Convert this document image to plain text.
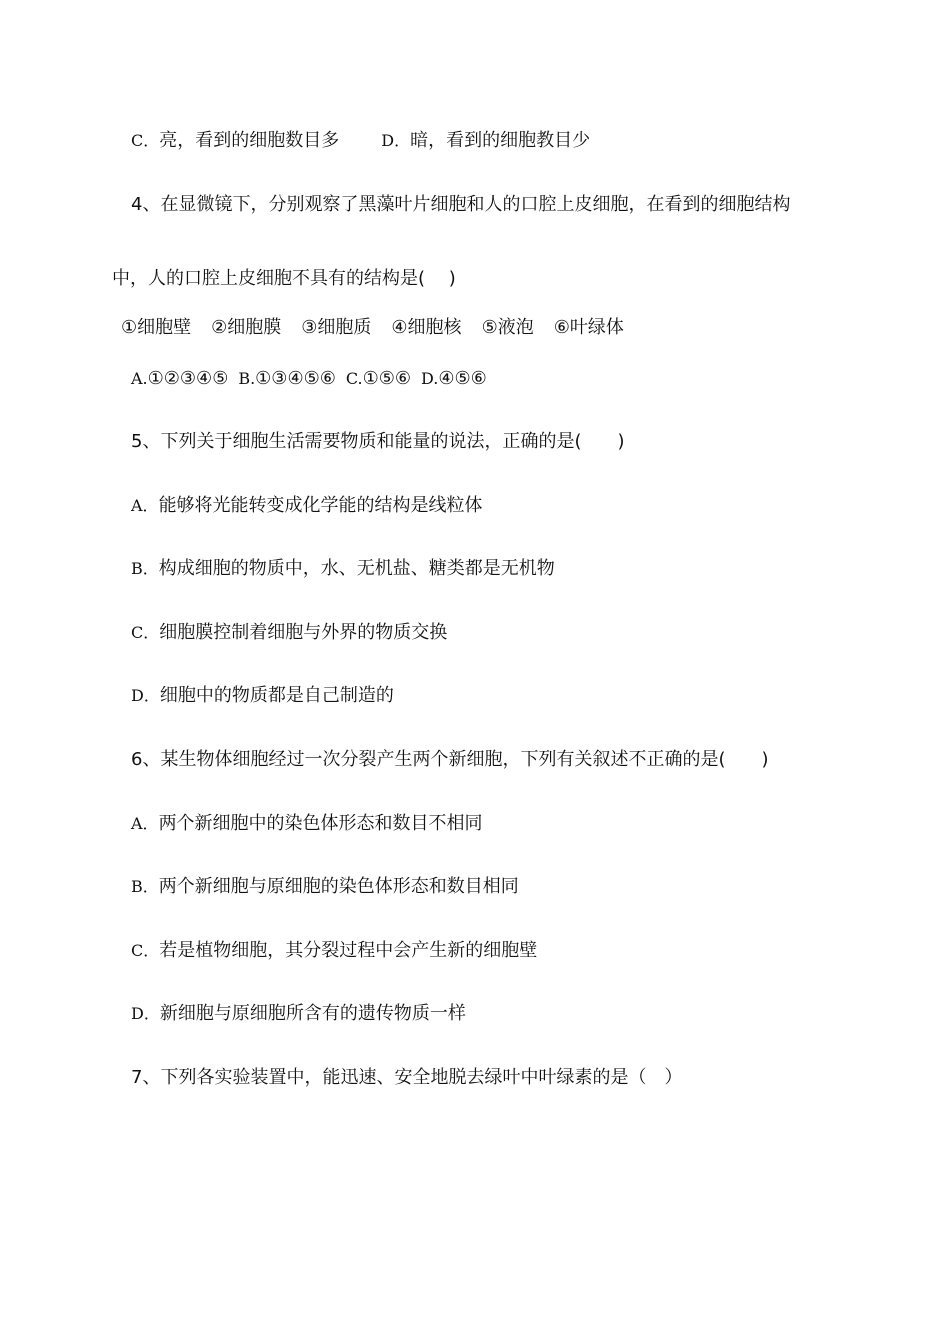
C．亮，看到的细胞数目多	D．暗，看到的细胞教目少
4、在显微镜下，分别观察了黑藻叶片细胞和人的口腔上皮细胞，在看到的细胞结构
中，人的口腔上皮细胞不具有的结构是(　 )
①细胞壁 ②细胞膜 ③细胞质 ④细胞核 ⑤液泡 ⑥叶绿体
A.①②③④⑤ B.①③④⑤⑥ C.①⑤⑥ D.④⑤⑥
5、下列关于细胞生活需要物质和能量的说法，正确的是(　　)
A．能够将光能转变成化学能的结构是线粒体
B．构成细胞的物质中，水、无机盐、糖类都是无机物
C．细胞膜控制着细胞与外界的物质交换
D．细胞中的物质都是自己制造的
6、某生物体细胞经过一次分裂产生两个新细胞，下列有关叙述不正确的是(　　)
A．两个新细胞中的染色体形态和数目不相同
B．两个新细胞与原细胞的染色体形态和数目相同
C．若是植物细胞，其分裂过程中会产生新的细胞壁
D．新细胞与原细胞所含有的遗传物质一样
7、下列各实验装置中，能迅速、安全地脱去绿叶中叶绿素的是（　）
